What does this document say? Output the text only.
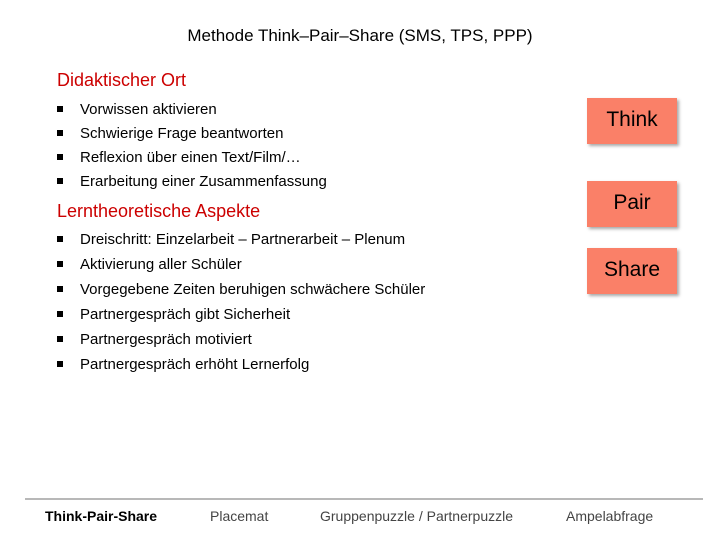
Methode Think–Pair–Share (SMS, TPS, PPP)
Didaktischer Ort
Vorwissen aktivieren
Schwierige Frage beantworten
Reflexion über einen Text/Film/…
Erarbeitung einer Zusammenfassung
Lerntheoretische Aspekte
Dreischritt: Einzelarbeit – Partnerarbeit – Plenum
Aktivierung aller Schüler
Vorgegebene Zeiten beruhigen schwächere Schüler
Partnergespräch gibt Sicherheit
Partnergespräch motiviert
Partnergespräch erhöht Lernerfolg
Think
Pair
Share
Think-Pair-Share	Placemat	Gruppenpuzzle / Partnerpuzzle	Ampelabfrage
